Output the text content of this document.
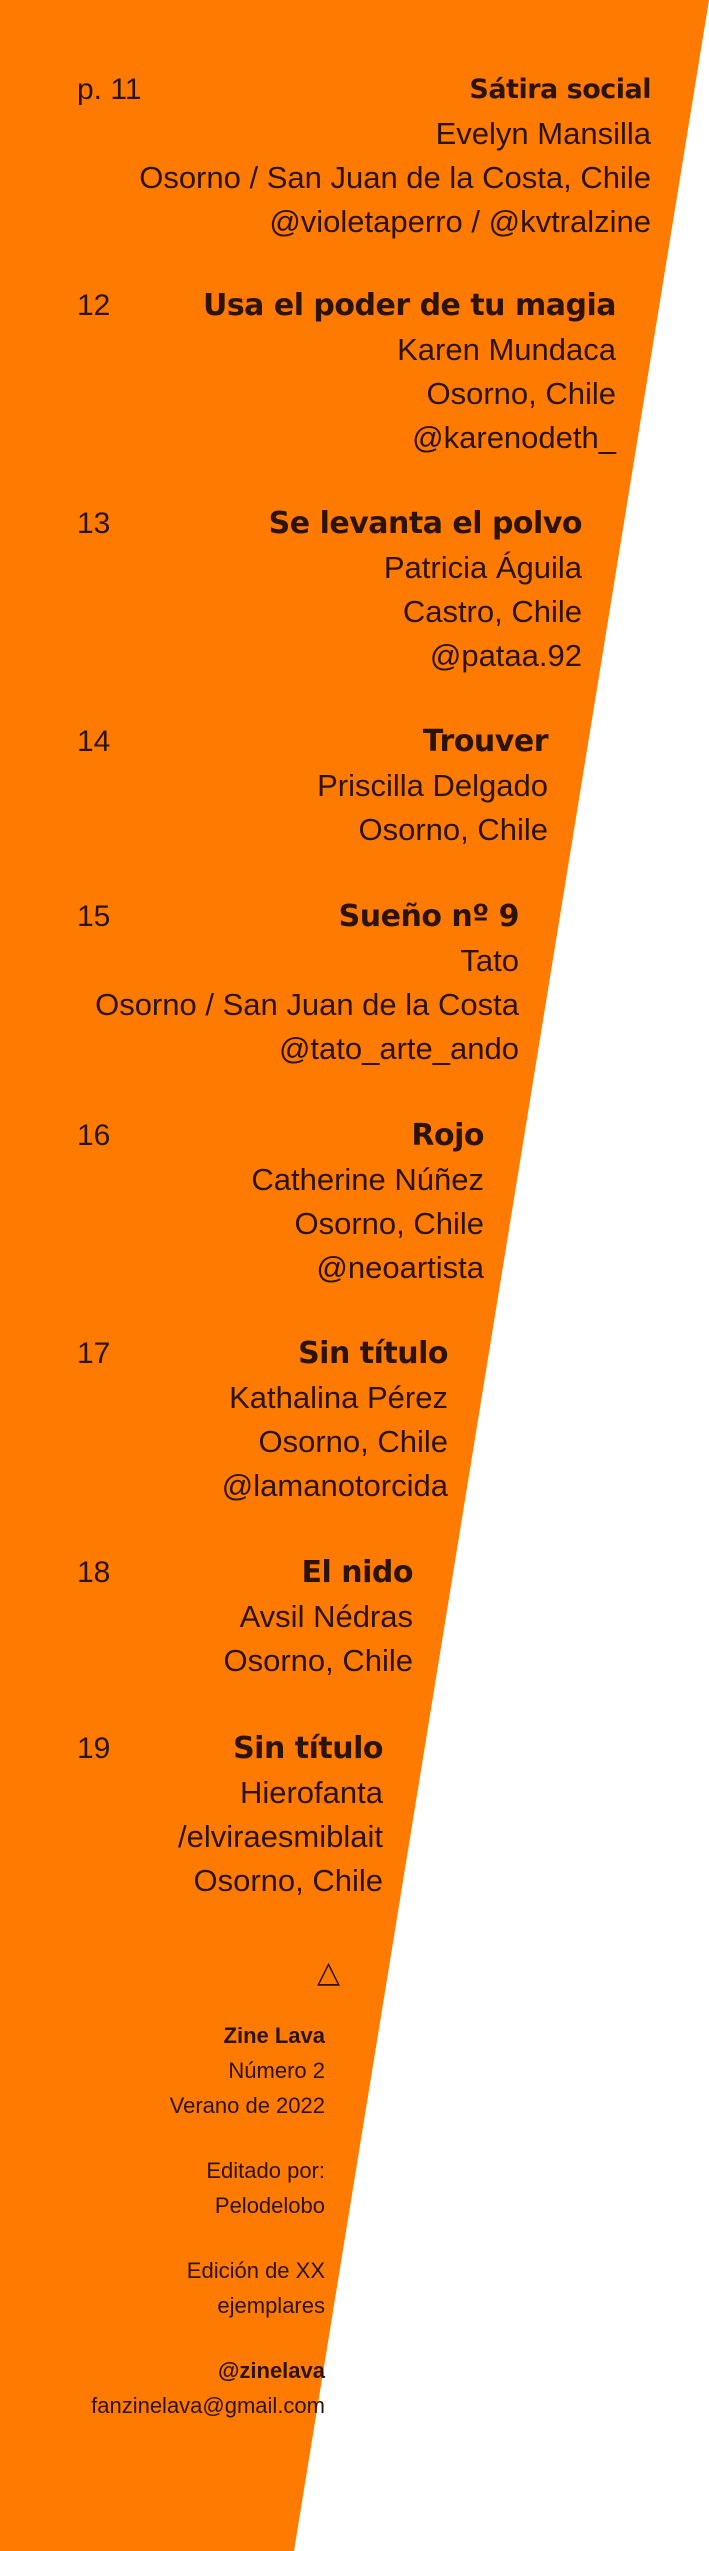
p. 11	Sátira social
Evelyn Mansilla
Osorno / San Juan de la Costa, Chile
@violetaperro / @kvtralzine
12	Usa el poder de tu magia
Karen Mundaca
Osorno, Chile
@karenodeth_
13	Se levanta el polvo
Patricia Águila
Castro, Chile
@pataa.92
14	Trouver
Priscilla Delgado
Osorno, Chile
15	Sueño nº 9
Tato
Osorno / San Juan de la Costa
@tato_arte_ando
16	Rojo
Catherine Núñez
Osorno, Chile
@neoartista
17	Sin título
Kathalina Pérez
Osorno, Chile
@lamanotorcida
18	El nido
Avsil Nédras
Osorno, Chile
19	Sin título
Hierofanta
/elviraesmiblait
Osorno, Chile
△
Zine Lava
Número 2
Verano de 2022
Editado por:
Pelodelobo
Edición de XX
ejemplares
@zinelava
fanzinelava@gmail.com
